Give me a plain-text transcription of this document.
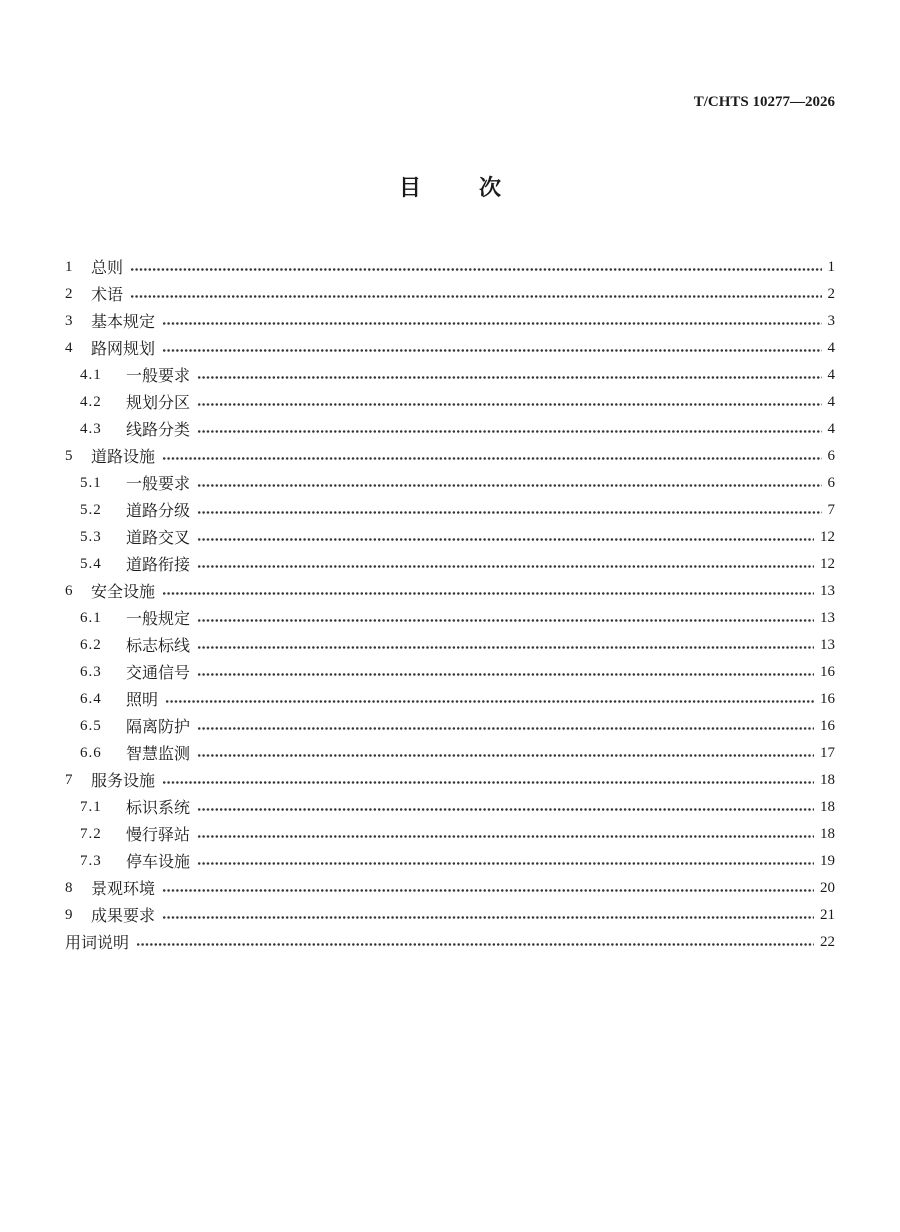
T/CHTS 10277—2026
目次
1	总则	1
2	术语	2
3	基本规定	3
4	路网规划	4
4.1	一般要求	4
4.2	规划分区	4
4.3	线路分类	4
5	道路设施	6
5.1	一般要求	6
5.2	道路分级	7
5.3	道路交叉	12
5.4	道路衔接	12
6	安全设施	13
6.1	一般规定	13
6.2	标志标线	13
6.3	交通信号	16
6.4	照明	16
6.5	隔离防护	16
6.6	智慧监测	17
7	服务设施	18
7.1	标识系统	18
7.2	慢行驿站	18
7.3	停车设施	19
8	景观环境	20
9	成果要求	21
用词说明	22
